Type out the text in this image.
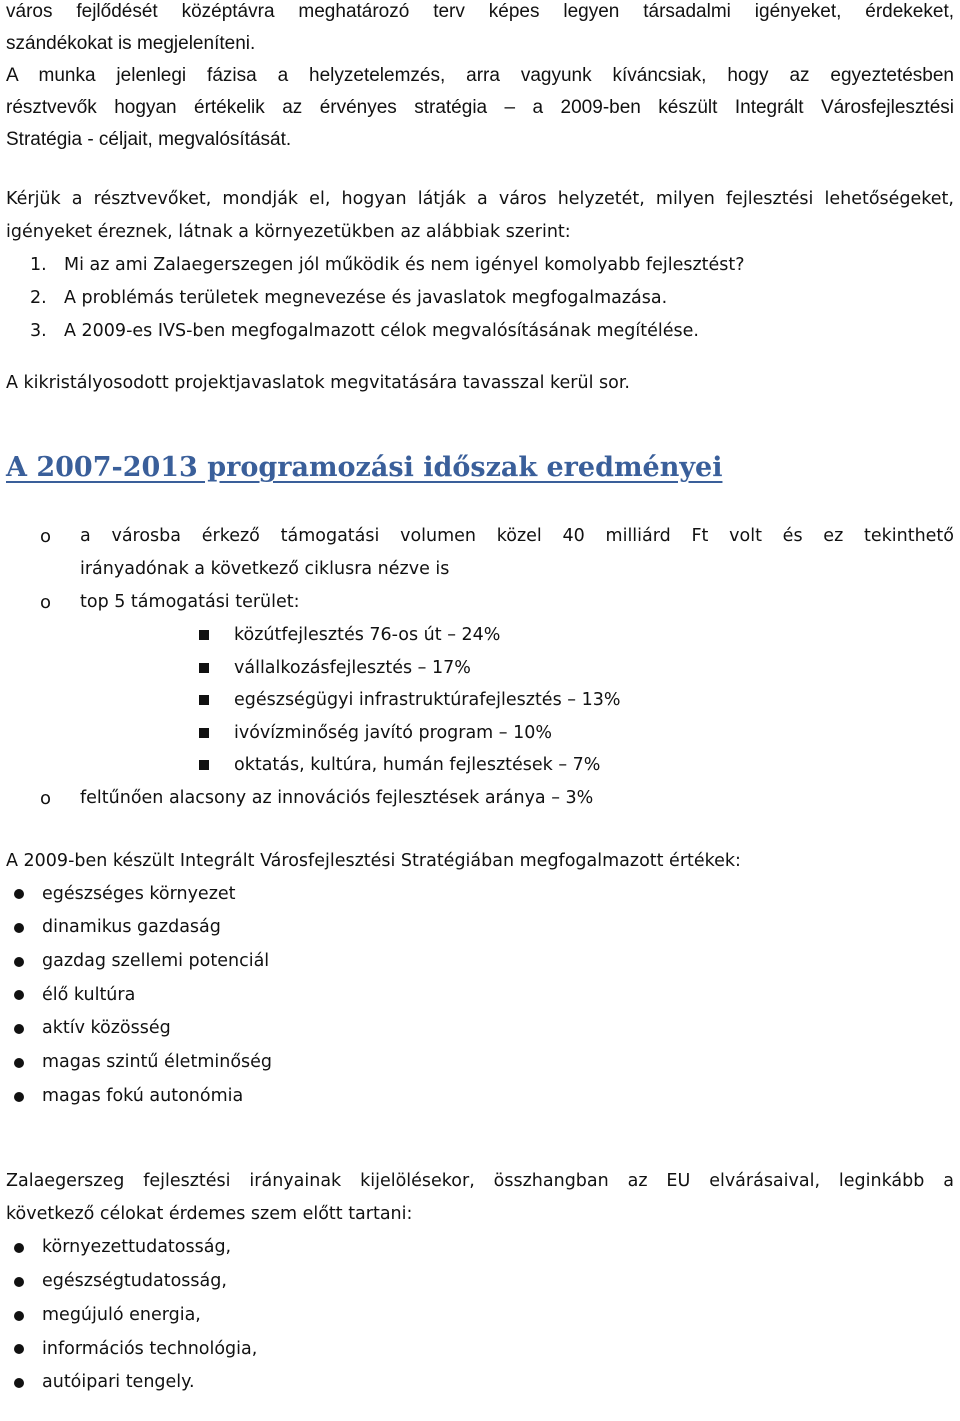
város fejlődését középtávra meghatározó terv képes legyen társadalmi igényeket, érdekeket,

szándékokat is megjeleníteni.

A munka jelenlegi fázisa a helyzetelemzés, arra vagyunk kíváncsiak, hogy az egyeztetésben

résztvevők hogyan értékelik az érvényes stratégia – a 2009-ben készült Integrált Városfejlesztési

Stratégia - céljait, megvalósítását.

Kérjük a résztvevőket, mondják el, hogyan látják a város helyzetét, milyen fejlesztési lehetőségeket,

igényeket éreznek, látnak a környezetükben az alábbiak szerint:

1. Mi az ami Zalaegerszegen jól működik és nem igényel komolyabb fejlesztést?
2. A problémás területek megnevezése és javaslatok megfogalmazása.
3. A 2009-es IVS-ben megfogalmazott célok megvalósításának megítélése.

A kikristályosodott projektjavaslatok megvitatására tavasszal kerül sor.

A 2007-2013 programozási időszak eredményei
o	a városba érkező támogatási volumen közel 40 milliárd Ft volt és ez tekinthető
irányadónak a következő ciklusra nézve is
o	top 5 támogatási terület:
közútfejlesztés 76-os út – 24%
vállalkozásfejlesztés – 17%
egészségügyi infrastruktúrafejlesztés – 13%
ivóvízminőség javító program – 10%
oktatás, kultúra, humán fejlesztések – 7%
o	feltűnően alacsony az innovációs fejlesztések aránya – 3%

A 2009-ben készült Integrált Városfejlesztési Stratégiában megfogalmazott értékek:

egészséges környezet
dinamikus gazdaság
gazdag szellemi potenciál
élő kultúra
aktív közösség
magas szintű életminőség
magas fokú autonómia

Zalaegerszeg fejlesztési irányainak kijelölésekor, összhangban az EU elvárásaival, leginkább a

következő célokat érdemes szem előtt tartani:

környezettudatosság,
egészségtudatosság,
megújuló energia,
információs technológia,
autóipari tengely.
